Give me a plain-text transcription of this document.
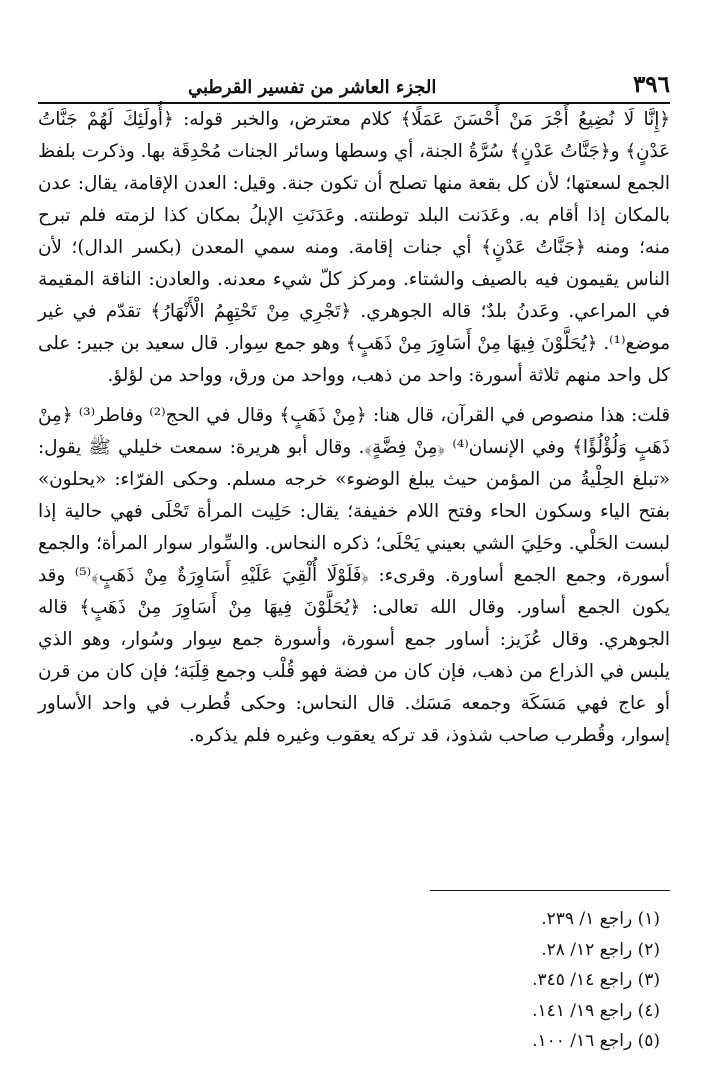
٣٩٦
الجزء العاشر من تفسير القرطبي

﴿إِنَّا لَا نُضِيعُ أَجْرَ مَنْ أَحْسَنَ عَمَلًا﴾ كلام معترض، والخبر قوله: ﴿أُولَئِكَ لَهُمْ جَنَّاتُ عَدْنٍ﴾ و﴿جَنَّاتُ عَدْنٍ﴾ سُرَّةُ الجنة، أي وسطها وسائر الجنات مُحْدِقَة بها. وذكرت بلفظ الجمع لسعتها؛ لأن كل بقعة منها تصلح أن تكون جنة. وقيل: العدن الإقامة، يقال: عدن بالمكان إذا أقام به. وعَدَنت البلد توطنته. وعَدَنَتِ الإبلُ بمكان كذا لزمته فلم تبرح منه؛ ومنه ﴿جَنَّاتُ عَدْنٍ﴾ أي جنات إقامة. ومنه سمي المعدن (بكسر الدال)؛ لأن الناس يقيمون فيه بالصيف والشتاء. ومركز كلّ شيء معدنه. والعادن: الناقة المقيمة في المراعي. وعَدنُ بلدٌ؛ قاله الجوهري. ﴿تَجْرِي مِنْ تَحْتِهِمُ الْأَنْهَارُ﴾ تقدّم في غير موضع⁽¹⁾. ﴿يُحَلَّوْنَ فِيهَا مِنْ أَسَاوِرَ مِنْ ذَهَبٍ﴾ وهو جمع سِوار. قال سعيد بن جبير: على كل واحد منهم ثلاثة أسورة: واحد من ذهب، وواحد من ورق، وواحد من لؤلؤ.

قلت: هذا منصوص في القرآن، قال هنا: ﴿مِنْ ذَهَبٍ﴾ وقال في الحج⁽²⁾ وفاطر⁽³⁾ ﴿مِنْ ذَهَبٍ وَلُؤْلُؤًا﴾ وفي الإنسان⁽⁴⁾ ﴿مِنْ فِضَّةٍ﴾. وقال أبو هريرة: سمعت خليلي ﷺ يقول: «تبلغ الحِلْيةُ من المؤمن حيث يبلغ الوضوء» خرجه مسلم. وحكى الفرّاء: «يحلون» بفتح الياء وسكون الحاء وفتح اللام خفيفة؛ يقال: حَلِيت المرأة تَحْلَى فهي حالية إذا لبست الحَلْي. وحَلِيَ الشي بعيني يَحْلَى؛ ذكره النحاس. والسِّوار سوار المرأة؛ والجمع أسورة، وجمع الجمع أساورة. وقرىء: ﴿فَلَوْلَا أُلْقِيَ عَلَيْهِ أَسَاوِرَةٌ مِنْ ذَهَبٍ﴾⁽⁵⁾ وقد يكون الجمع أساور. وقال الله تعالى: ﴿يُحَلَّوْنَ فِيهَا مِنْ أَسَاوِرَ مِنْ ذَهَبٍ﴾ قاله الجوهري. وقال عُزَيز: أساور جمع أسورة، وأسورة جمع سِوار وسُوار، وهو الذي يلبس في الذراع من ذهب، فإن كان من فضة فهو قُلْب وجمع قِلَبَة؛ فإن كان من قرن أو عاج فهي مَسَكَة وجمعه مَسَك. قال النحاس: وحكى قُطرب في واحد الأساور إسوار، وقُطرب صاحب شذوذ، قد تركه يعقوب وغيره فلم يذكره.

(١) راجع ١/ ٢٣٩.
(٢) راجع ١٢/ ٢٨.
(٣) راجع ١٤/ ٣٤٥.
(٤) راجع ١٩/ ١٤١.
(٥) راجع ١٦/ ١٠٠.
